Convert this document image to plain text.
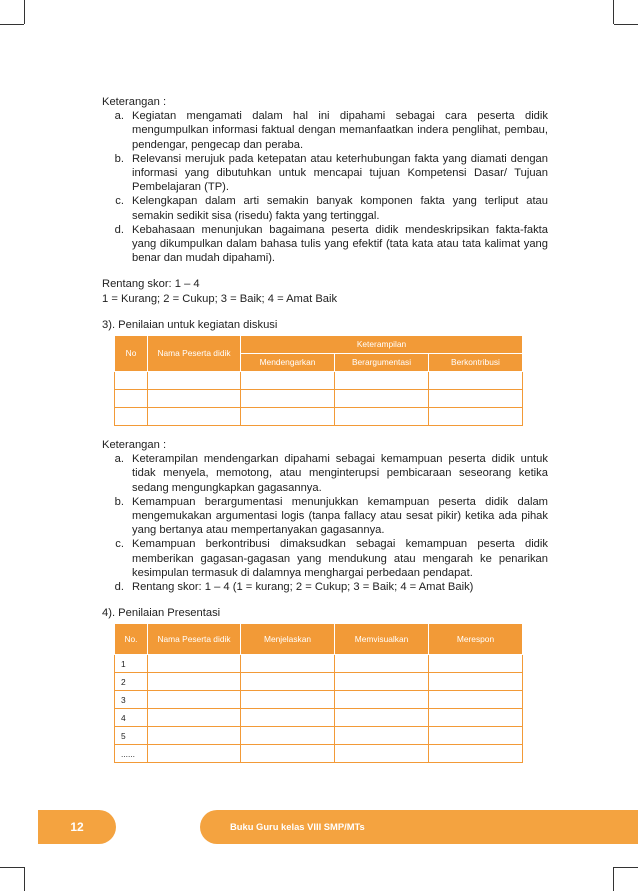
Keterangan :

a. Kegiatan mengamati dalam hal ini dipahami sebagai cara peserta didik mengumpulkan informasi faktual dengan memanfaatkan indera penglihat, pembau, pendengar, pengecap dan peraba.
b. Relevansi merujuk pada ketepatan atau keterhubungan fakta yang diamati dengan informasi yang dibutuhkan untuk mencapai tujuan Kompetensi Dasar/ Tujuan Pembelajaran (TP).
c. Kelengkapan dalam arti semakin banyak komponen fakta yang terliput atau semakin sedikit sisa (risedu) fakta yang tertinggal.
d. Kebahasaan menunjukan bagaimana peserta didik mendeskripsikan fakta-fakta yang dikumpulkan dalam bahasa tulis yang efektif (tata kata atau tata kalimat yang benar dan mudah dipahami).

Rentang skor: 1 – 4

1 = Kurang; 2 = Cukup; 3 = Baik; 4 = Amat Baik

3). Penilaian untuk kegiatan diskusi

No	Nama Peserta didik	Keterampilan		
		Mendengarkan	Berargumentasi	Berkontribusi

Keterangan :

a. Keterampilan mendengarkan dipahami sebagai kemampuan peserta didik untuk tidak menyela, memotong, atau menginterupsi pembicaraan seseorang ketika sedang mengungkapkan gagasannya.
b. Kemampuan berargumentasi menunjukkan kemampuan peserta didik dalam mengemukakan argumentasi logis (tanpa fallacy atau sesat pikir) ketika ada pihak yang bertanya atau mempertanyakan gagasannya.
c. Kemampuan berkontribusi dimaksudkan sebagai kemampuan peserta didik memberikan gagasan-gagasan yang mendukung atau mengarah ke penarikan kesimpulan termasuk di dalamnya menghargai perbedaan pendapat.
d. Rentang skor: 1 – 4 (1 = kurang; 2 = Cukup; 3 = Baik; 4 = Amat Baik)

4). Penilaian Presentasi

No.	Nama Peserta didik	Menjelaskan	Memvisualkan	Merespon
1				
2				
3				
4				
5				
......				
12	Buku Guru kelas VIII SMP/MTs
